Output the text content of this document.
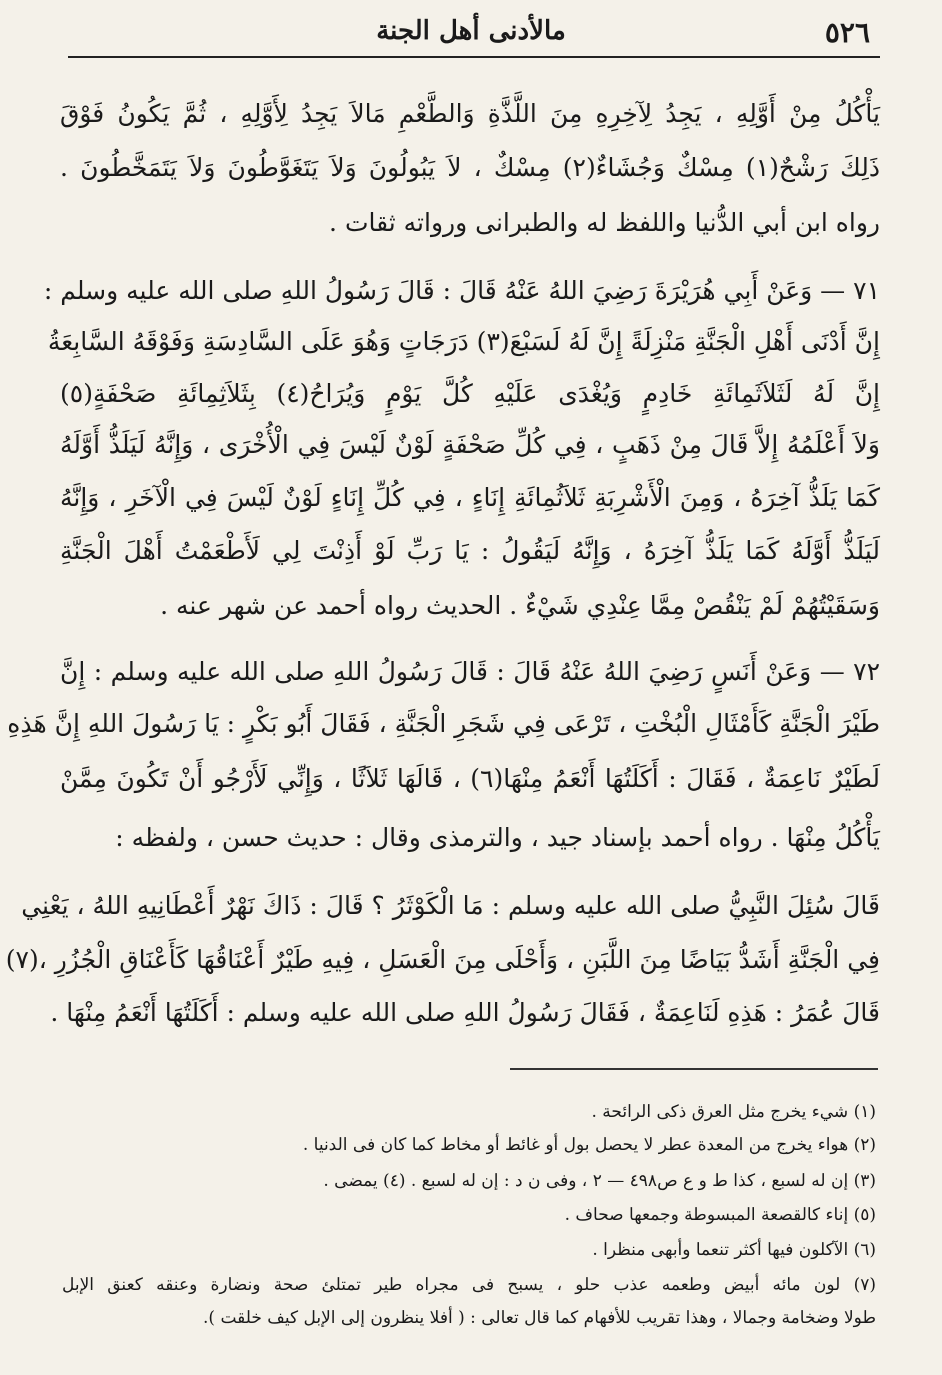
٥٢٦
مالأدنى أهل الجنة
يَأْكُلُ مِنْ أَوَّلِهِ ، يَجِدُ لِآخِرِهِ مِنَ اللَّذَّةِ وَالطَّعْمِ مَالاَ يَجِدُ لِأَوَّلِهِ ، ثُمَّ يَكُونُ فَوْقَ
ذَلِكَ رَشْحٌ(١) مِسْكٌ وَجُشَاءٌ(٢) مِسْكٌ ، لاَ يَبُولُونَ وَلاَ يَتَغَوَّطُونَ وَلاَ يَتَمَخَّطُونَ .
رواه ابن أبي الدُّنيا واللفظ له والطبرانى ورواته ثقات .
٧١ — وَعَنْ أَبِي هُرَيْرَةَ رَضِيَ اللهُ عَنْهُ قَالَ : قَالَ رَسُولُ اللهِ صلى الله عليه وسلم :
إِنَّ أَدْنَى أَهْلِ الْجَنَّةِ مَنْزِلَةً إِنَّ لَهُ لَسَبْعَ(٣) دَرَجَاتٍ وَهُوَ عَلَى السَّادِسَةِ وَفَوْقَهُ السَّابِعَةُ
إِنَّ لَهُ لَثَلاَثَمِائَةِ خَادِمٍ وَيُغْدَى عَلَيْهِ كُلَّ يَوْمٍ وَيُرَاحُ(٤) بِثَلاَثِمِائَةِ صَحْفَةٍ(٥)
وَلاَ أَعْلَمُهُ إِلاَّ قَالَ مِنْ ذَهَبٍ ، فِي كُلِّ صَحْفَةٍ لَوْنٌ لَيْسَ فِي الْأُخْرَى ، وَإِنَّهُ لَيَلَذُّ أَوَّلَهُ
كَمَا يَلَذُّ آخِرَهُ ، وَمِنَ الْأَشْرِبَةِ ثَلاَثُمِائَةِ إِنَاءٍ ، فِي كُلِّ إِنَاءٍ لَوْنٌ لَيْسَ فِي الْآخَرِ ، وَإِنَّهُ
لَيَلَذُّ أَوَّلَهُ كَمَا يَلَذُّ آخِرَهُ ، وَإِنَّهُ لَيَقُولُ : يَا رَبِّ لَوْ أَذِنْتَ لِي لَأَطْعَمْتُ أَهْلَ الْجَنَّةِ
وَسَقَيْتُهُمْ لَمْ يَنْقُصْ مِمَّا عِنْدِي شَيْءٌ . الحديث رواه أحمد عن شهر عنه .
٧٢ — وَعَنْ أَنَسٍ رَضِيَ اللهُ عَنْهُ قَالَ : قَالَ رَسُولُ اللهِ صلى الله عليه وسلم : إِنَّ
طَيْرَ الْجَنَّةِ كَأَمْثَالِ الْبُخْتِ ، تَرْعَى فِي شَجَرِ الْجَنَّةِ ، فَقَالَ أَبُو بَكْرٍ : يَا رَسُولَ اللهِ إِنَّ هَذِهِ
لَطَيْرٌ نَاعِمَةٌ ، فَقَالَ : أَكَلَتُهَا أَنْعَمُ مِنْهَا(٦) ، قَالَهَا ثَلاَثًا ، وَإِنِّي لَأَرْجُو أَنْ تَكُونَ مِمَّنْ
يَأْكُلُ مِنْهَا . رواه أحمد بإسناد جيد ، والترمذى وقال : حديث حسن ، ولفظه :
قَالَ سُئِلَ النَّبِيُّ صلى الله عليه وسلم : مَا الْكَوْثَرُ ؟ قَالَ : ذَاكَ نَهْرٌ أَعْطَانِيهِ اللهُ ، يَعْنِي
فِي الْجَنَّةِ أَشَدُّ بَيَاضًا مِنَ اللَّبَنِ ، وَأَحْلَى مِنَ الْعَسَلِ ، فِيهِ طَيْرٌ أَعْنَاقُهَا كَأَعْنَاقِ الْجُزُرِ ،(٧)
قَالَ عُمَرُ : هَذِهِ لَنَاعِمَةٌ ، فَقَالَ رَسُولُ اللهِ صلى الله عليه وسلم : أَكَلَتُهَا أَنْعَمُ مِنْهَا .
(١) شيء يخرج مثل العرق ذكى الرائحة .
(٢) هواء يخرج من المعدة عطر لا يحصل بول أو غائط أو مخاط كما كان فى الدنيا .
(٣) إن له لسبع ، كذا ط و ع ص٤٩٨ — ٢ ، وفى ن د : إن له لسبع . (٤) يمضى .
(٥) إناء كالقصعة المبسوطة وجمعها صحاف .
(٦) الآكلون فيها أكثر تنعما وأبهى منظرا .
(٧) لون مائه أبيض وطعمه عذب حلو ، يسبح فى مجراه طير تمتلئ صحة ونضارة وعنقه كعنق الإبل
طولا وضخامة وجمالا ، وهذا تقريب للأفهام كما قال تعالى : ( أفلا ينظرون إلى الإبل كيف خلقت ).
